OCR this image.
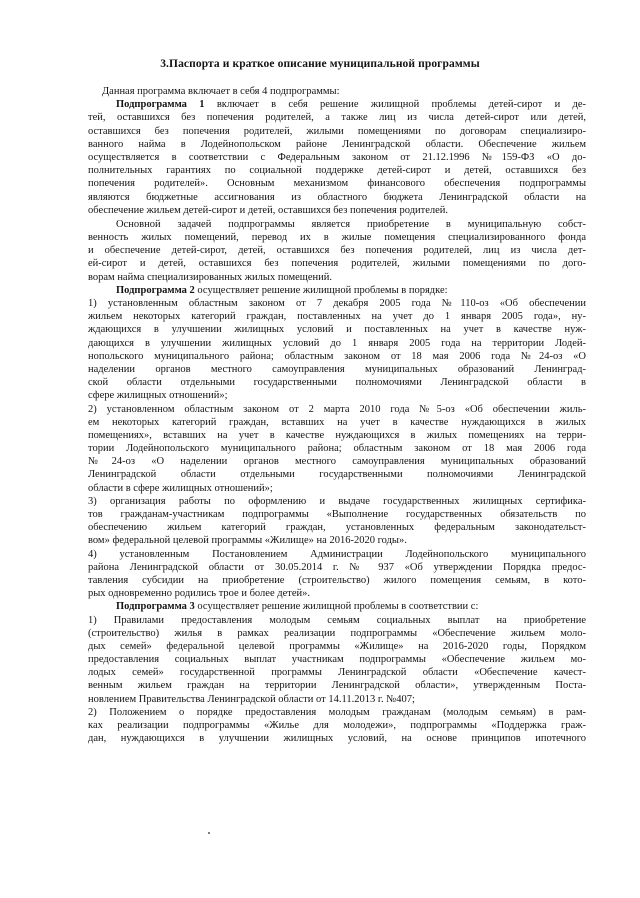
3.Паспорта и краткое описание муниципальной программы
Данная программа включает в себя 4 подпрограммы:
Подпрограмма 1 включает в себя решение жилищной проблемы детей-сирот и де-
тей, оставшихся без попечения родителей, а также лиц из числа детей-сирот или детей,
оставшихся без попечения родителей, жилыми помещениями по договорам специализиро-
ванного найма в Лодейнопольском районе Ленинградской области. Обеспечение жильем
осуществляется в соответствии с Федеральным законом от 21.12.1996 №159-ФЗ «О до-
полнительных гарантиях по социальной поддержке детей-сирот и детей, оставшихся без
попечения родителей». Основным механизмом финансового обеспечения подпрограммы
являются бюджетные ассигнования из областного бюджета Ленинградской области на
обеспечение жильем детей-сирот и детей, оставшихся без попечения родителей.
Основной задачей подпрограммы является приобретение в муниципальную собст-
венность жилых помещений, перевод их в жилые помещения специализированного фонда
и обеспечение детей-сирот, детей, оставшихся без попечения родителей, лиц из числа дет-
ей-сирот и детей, оставшихся без попечения родителей, жилыми помещениями по дого-
ворам найма специализированных жилых помещений.
Подпрограмма 2 осуществляет решение жилищной проблемы в порядке:
1) установленным областным законом от 7 декабря 2005 года №110-оз «Об обеспечении
жильем некоторых категорий граждан, поставленных на учет до 1 января 2005 года», ну-
ждающихся в улучшении жилищных условий и поставленных на учет в качестве нуж-
дающихся в улучшении жилищных условий до 1 января 2005 года на территории Лодей-
нопольского муниципального района; областным законом от 18 мая 2006 года №24-оз «О
наделении органов местного самоуправления муниципальных образований Ленинград-
ской области отдельными государственными полномочиями Ленинградской области в
сфере жилищных отношений»;
2) установленном областным законом от 2 марта 2010 года №5-оз «Об обеспечении жиль-
ем некоторых категорий граждан, вставших на учет в качестве нуждающихся в жилых
помещениях», вставших на учет в качестве нуждающихся в жилых помещениях на терри-
тории Лодейнопольского муниципального района; областным законом от 18 мая 2006 года
№24-оз «О наделении органов местного самоуправления муниципальных образований
Ленинградской области отдельными государственными полномочиями Ленинградской
области в сфере жилищных отношений»;
3) организация работы по оформлению и выдаче государственных жилищных сертифика-
тов гражданам-участникам подпрограммы «Выполнение государственных обязательств по
обеспечению жильем категорий граждан, установленных федеральным законодательст-
вом» федеральной целевой программы «Жилище» на 2016-2020 годы».
4) установленным Постановлением Администрации Лодейнопольского муниципального
района Ленинградской области от 30.05.2014 г. № 937 «Об утверждении Порядка предос-
тавления субсидии на приобретение (строительство) жилого помещения семьям, в кото-
рых одновременно родились трое и более детей».
Подпрограмма 3 осуществляет решение жилищной проблемы в соответствии с:
1) Правилами предоставления молодым семьям социальных выплат на приобретение
(строительство) жилья в рамках реализации подпрограммы «Обеспечение жильем моло-
дых семей» федеральной целевой программы «Жилище» на 2016-2020 годы, Порядком
предоставления социальных выплат участникам подпрограммы «Обеспечение жильем мо-
лодых семей» государственной программы Ленинградской области «Обеспечение качест-
венным жильем граждан на территории Ленинградской области», утвержденным Поста-
новлением Правительства Ленинградской области от 14.11.2013 г. №407;
2) Положением о порядке предоставления молодым гражданам (молодым семьям) в рам-
ках реализации подпрограммы «Жилье для молодежи», подпрограммы «Поддержка граж-
дан, нуждающихся в улучшении жилищных условий, на основе принципов ипотечного
